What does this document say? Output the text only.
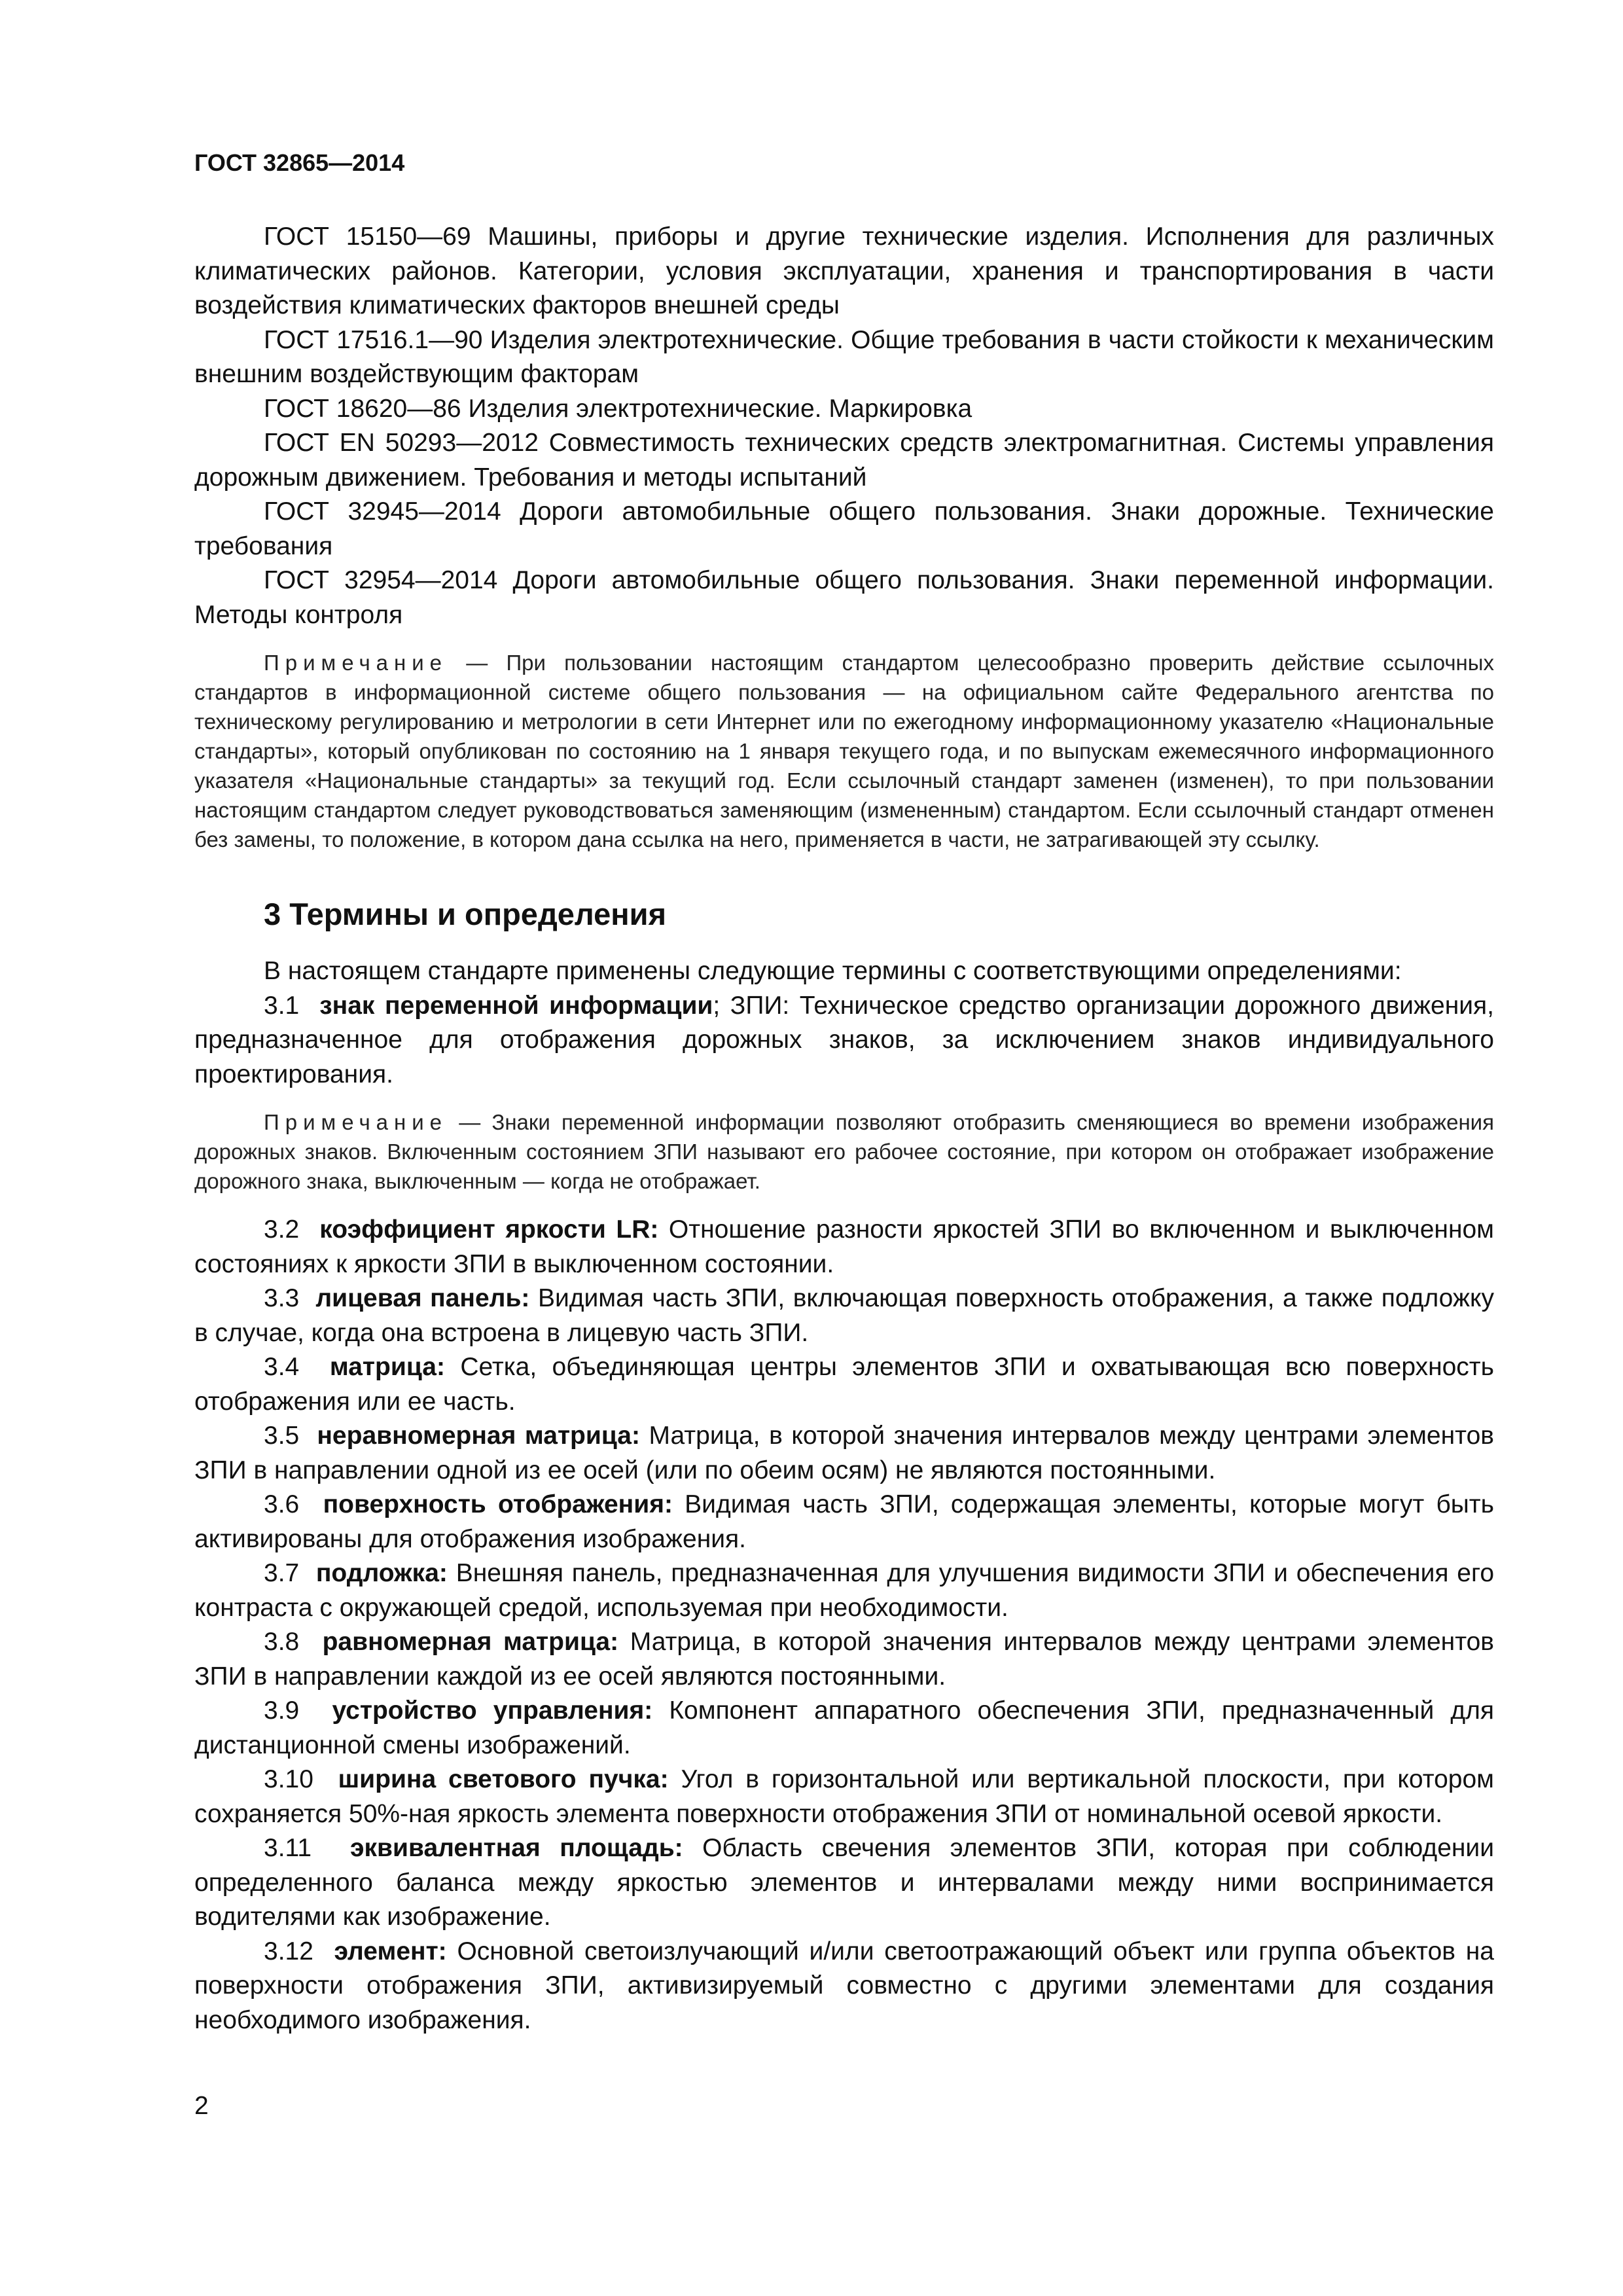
ГОСТ 32865—2014

ГОСТ 15150—69 Машины, приборы и другие технические изделия. Исполнения для различных климатических районов. Категории, условия эксплуатации, хранения и транспортирования в части воздействия климатических факторов внешней среды

ГОСТ 17516.1—90 Изделия электротехнические. Общие требования в части стойкости к механическим внешним воздействующим факторам

ГОСТ 18620—86 Изделия электротехнические. Маркировка

ГОСТ EN 50293—2012 Совместимость технических средств электромагнитная. Системы управления дорожным движением. Требования и методы испытаний

ГОСТ 32945—2014 Дороги автомобильные общего пользования. Знаки дорожные. Технические требования

ГОСТ 32954—2014 Дороги автомобильные общего пользования. Знаки переменной информации. Методы контроля

Примечание — При пользовании настоящим стандартом целесообразно проверить действие ссылочных стандартов в информационной системе общего пользования — на официальном сайте Федерального агентства по техническому регулированию и метрологии в сети Интернет или по ежегодному информационному указателю «Национальные стандарты», который опубликован по состоянию на 1 января текущего года, и по выпускам ежемесячного информационного указателя «Национальные стандарты» за текущий год. Если ссылочный стандарт заменен (изменен), то при пользовании настоящим стандартом следует руководствоваться заменяющим (измененным) стандартом. Если ссылочный стандарт отменен без замены, то положение, в котором дана ссылка на него, применяется в части, не затрагивающей эту ссылку.

3 Термины и определения

В настоящем стандарте применены следующие термины с соответствующими определениями:

3.1 знак переменной информации; ЗПИ: Техническое средство организации дорожного движения, предназначенное для отображения дорожных знаков, за исключением знаков индивидуального проектирования.

Примечание — Знаки переменной информации позволяют отобразить сменяющиеся во времени изображения дорожных знаков. Включенным состоянием ЗПИ называют его рабочее состояние, при котором он отображает изображение дорожного знака, выключенным — когда не отображает.

3.2 коэффициент яркости LR: Отношение разности яркостей ЗПИ во включенном и выключенном состояниях к яркости ЗПИ в выключенном состоянии.

3.3 лицевая панель: Видимая часть ЗПИ, включающая поверхность отображения, а также подложку в случае, когда она встроена в лицевую часть ЗПИ.

3.4 матрица: Сетка, объединяющая центры элементов ЗПИ и охватывающая всю поверхность отображения или ее часть.

3.5 неравномерная матрица: Матрица, в которой значения интервалов между центрами элементов ЗПИ в направлении одной из ее осей (или по обеим осям) не являются постоянными.

3.6 поверхность отображения: Видимая часть ЗПИ, содержащая элементы, которые могут быть активированы для отображения изображения.

3.7 подложка: Внешняя панель, предназначенная для улучшения видимости ЗПИ и обеспечения его контраста с окружающей средой, используемая при необходимости.

3.8 равномерная матрица: Матрица, в которой значения интервалов между центрами элементов ЗПИ в направлении каждой из ее осей являются постоянными.

3.9 устройство управления: Компонент аппаратного обеспечения ЗПИ, предназначенный для дистанционной смены изображений.

3.10 ширина светового пучка: Угол в горизонтальной или вертикальной плоскости, при котором сохраняется 50%-ная яркость элемента поверхности отображения ЗПИ от номинальной осевой яркости.

3.11 эквивалентная площадь: Область свечения элементов ЗПИ, которая при соблюдении определенного баланса между яркостью элементов и интервалами между ними воспринимается водителями как изображение.

3.12 элемент: Основной светоизлучающий и/или светоотражающий объект или группа объектов на поверхности отображения ЗПИ, активизируемый совместно с другими элементами для создания необходимого изображения.

2
